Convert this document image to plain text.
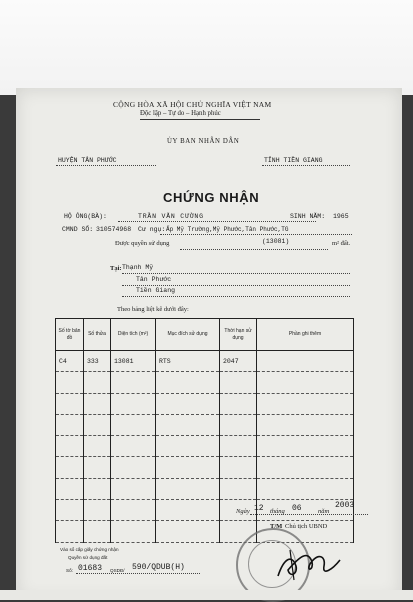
CỘNG HÒA XÃ HỘI CHỦ NGHĨA VIỆT NAM
Độc lập – Tự do – Hạnh phúc
ỦY BAN NHÂN DÂN
HUYỆN TÂN PHƯỚC	TỈNH TIỀN GIANG
CHỨNG NHẬN
HỘ ÔNG(BÀ):	TRẦN VĂN CƯỜNG	SINH NĂM: 1965
CMND SỐ: 310574968 Cư ngụ: Ấp Mỹ Trường,Mỹ Phước,Tân Phước,TG
Được quyền sử dụng	(13081)	m² đất.
Tại: Thạnh Mỹ
Tân Phước
Tiền Giang
Theo bảng liệt kê dưới đây:
Số tờ bản đồ	Số thửa	Diện tích (m²)	Mục đích sử dụng	Thời hạn sử dụng	Phần ghi thêm
C4	333	13081	RTS	2047	

Ngày 12 tháng 06	năm
2003
T/M Chủ tịch UBND
Vào sổ cấp giấy chứng nhận
Quyền sử dụng đất
Số: 01683 QSDĐ/ 590/QDUB(H)
